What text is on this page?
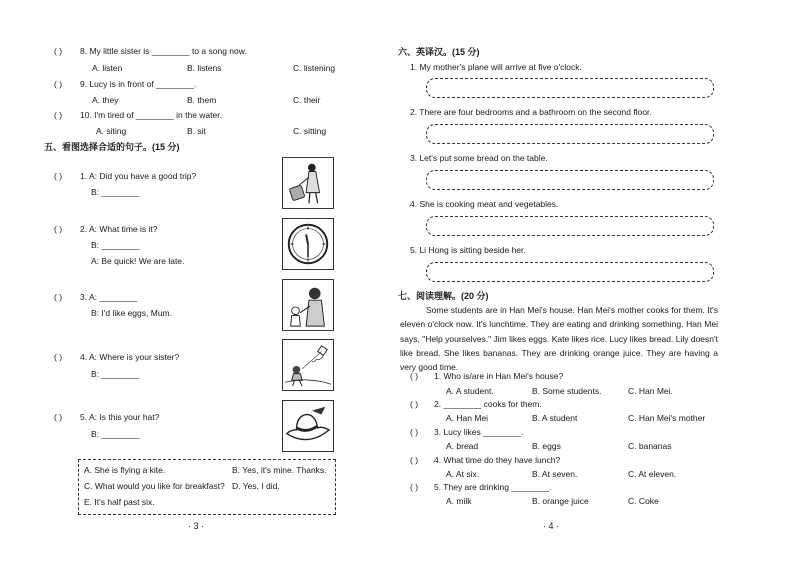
( ) 8. My little sister is ________ to a song now.
A. listen	B. listens	C. listening
( ) 9. Lucy is in front of ________.
A. they	B. them	C. their
( ) 10. I'm tired of ________ in the water.
A. siting	B. sit	C. sitting
五、看图选择合适的句子。(15 分)
( ) 1. A: Did you have a good trip?
B: ________
( ) 2. A: What time is it?
B: ________
A: Be quick! We are late.
( ) 3. A: ________
B: I'd like eggs, Mum.
( ) 4. A: Where is your sister?
B: ________
( ) 5. A: Is this your hat?
B: ________
A. She is flying a kite.	B. Yes, it's mine. Thanks.
C. What would you like for breakfast? D. Yes, I did.
E. It's half past six.
· 3 ·
六、英译汉。(15 分)
1. My mother's plane will arrive at five o'clock.
2. There are four bedrooms and a bathroom on the second floor.
3. Let's put some bread on the table.
4. She is cooking meat and vegetables.
5. Li Hong is sitting beside her.
七、阅读理解。(20 分)
Some students are in Han Mei's house. Han Mei's mother cooks for them. It's eleven o'clock now. It's lunchtime. They are eating and drinking something. Han Mei says, "Help yourselves." Jim likes eggs. Kate likes rice. Lucy likes bread. Lily doesn't like bread. She likes bananas. They are drinking orange juice. They are having a very good time.
( ) 1. Who is/are in Han Mei's house?
A. A student.	B. Some students.	C. Han Mei.
( ) 2. ________ cooks for them.
A. Han Mei	B. A student	C. Han Mei's mother
( ) 3. Lucy likes ________.
A. bread	B. eggs	C. bananas
( ) 4. What time do they have lunch?
A. At six.	B. At seven.	C. At eleven.
( ) 5. They are drinking ________.
A. milk	B. orange juice	C. Coke
· 4 ·
